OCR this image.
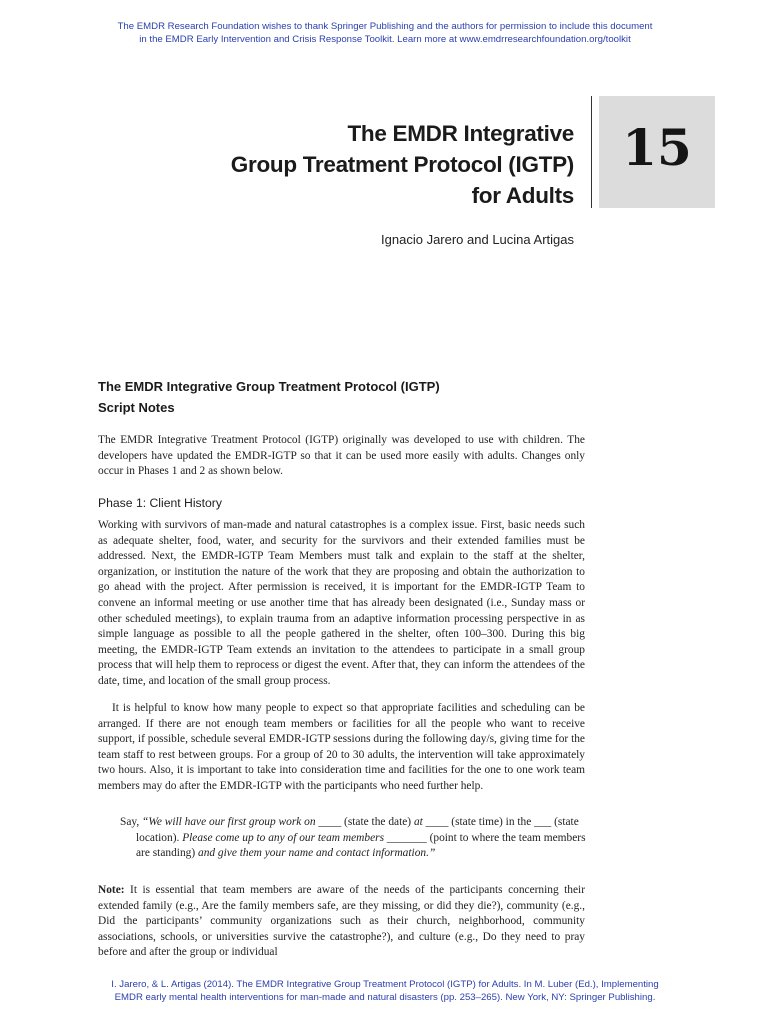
The EMDR Research Foundation wishes to thank Springer Publishing and the authors for permission to include this document
in the EMDR Early Intervention and Crisis Response Toolkit. Learn more at www.emdrresearchfoundation.org/toolkit
The EMDR Integrative
Group Treatment Protocol (IGTP)
for Adults
15
Ignacio Jarero and Lucina Artigas
The EMDR Integrative Group Treatment Protocol (IGTP)
Script Notes
The EMDR Integrative Treatment Protocol (IGTP) originally was developed to use with children. The developers have updated the EMDR-IGTP so that it can be used more easily with adults. Changes only occur in Phases 1 and 2 as shown below.
Phase 1: Client History
Working with survivors of man-made and natural catastrophes is a complex issue. First, basic needs such as adequate shelter, food, water, and security for the survivors and their extended families must be addressed. Next, the EMDR-IGTP Team Members must talk and explain to the staff at the shelter, organization, or institution the nature of the work that they are proposing and obtain the authorization to go ahead with the project. After permission is received, it is important for the EMDR-IGTP Team to convene an informal meeting or use another time that has already been designated (i.e., Sunday mass or other scheduled meetings), to explain trauma from an adaptive information processing perspective in as simple language as possible to all the people gathered in the shelter, often 100–300. During this big meeting, the EMDR-IGTP Team extends an invitation to the attendees to participate in a small group process that will help them to reprocess or digest the event. After that, they can inform the attendees of the date, time, and location of the small group process.
It is helpful to know how many people to expect so that appropriate facilities and scheduling can be arranged. If there are not enough team members or facilities for all the people who want to receive support, if possible, schedule several EMDR-IGTP sessions during the following day/s, giving time for the team staff to rest between groups. For a group of 20 to 30 adults, the intervention will take approximately two hours. Also, it is important to take into consideration time and facilities for the one to one work team members may do after the EMDR-IGTP with the participants who need further help.
Say, “We will have our first group work on ____ (state the date) at ____ (state time) in the ___ (state location). Please come up to any of our team members _______ (point to where the team members are standing) and give them your name and contact information.”
Note: It is essential that team members are aware of the needs of the participants concerning their extended family (e.g., Are the family members safe, are they missing, or did they die?), community (e.g., Did the participants’ community organizations such as their church, neighborhood, community associations, schools, or universities survive the catastrophe?), and culture (e.g., Do they need to pray before and after the group or individual
I. Jarero, & L. Artigas (2014). The EMDR Integrative Group Treatment Protocol (IGTP) for Adults. In M. Luber (Ed.), Implementing
EMDR early mental health interventions for man-made and natural disasters (pp. 253–265). New York, NY: Springer Publishing.
